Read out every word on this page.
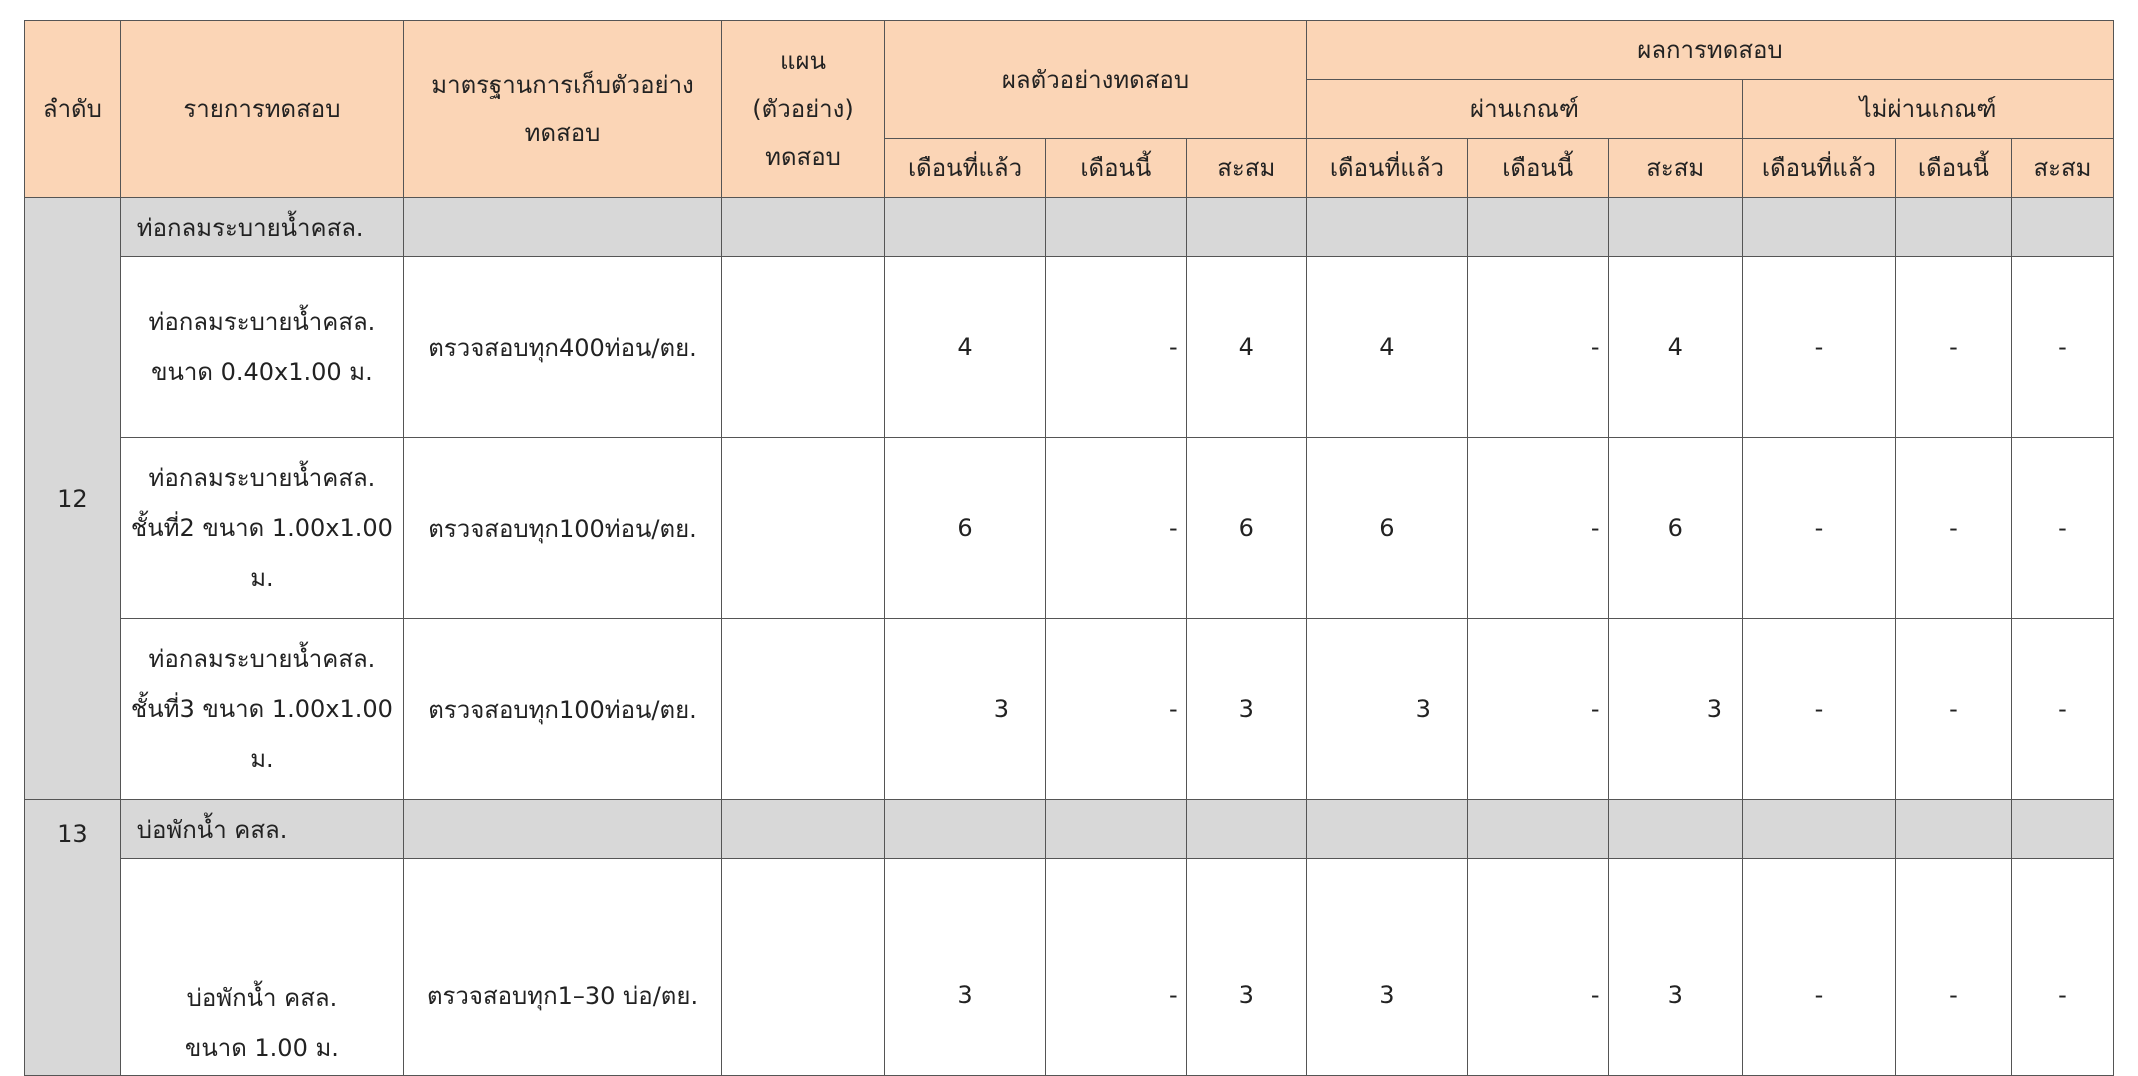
ลำดับ	รายการทดสอบ	มาตรฐานการเก็บตัวอย่าง ทดสอบ	แผน
(ตัวอย่าง)
ทดสอบ	ผลตัวอย่างทดสอบ			ผลการทดสอบ					
							ผ่านเกณฑ์			ไม่ผ่านเกณฑ์		
				เดือนที่แล้ว	เดือนนี้	สะสม	เดือนที่แล้ว	เดือนนี้	สะสม	เดือนที่แล้ว	เดือนนี้	สะสม
12	ท่อกลมระบายน้ำคสล.											

	ท่อกลมระบายน้ำคสล.
ขนาด 0.40x1.00 ม.	ตรวจสอบทุก400ท่อน/ตย.		4	-	4	4	-	4	-	-	-

	ท่อกลมระบายน้ำคสล.
ชั้นที่2 ขนาด 1.00x1.00
ม.	ตรวจสอบทุก100ท่อน/ตย.		6	-	6	6	-	6	-	-	-

	ท่อกลมระบายน้ำคสล.
ชั้นที่3 ขนาด 1.00x1.00
ม.	ตรวจสอบทุก100ท่อน/ตย.		3	-	3	3	-	3	-	-	-
13	บ่อพักน้ำ คสล.											

	บ่อพักน้ำ คสล.
ขนาด 1.00 ม.	ตรวจสอบทุก1–30 บ่อ/ตย.		3	-	3	3	-	3	-	-	-
